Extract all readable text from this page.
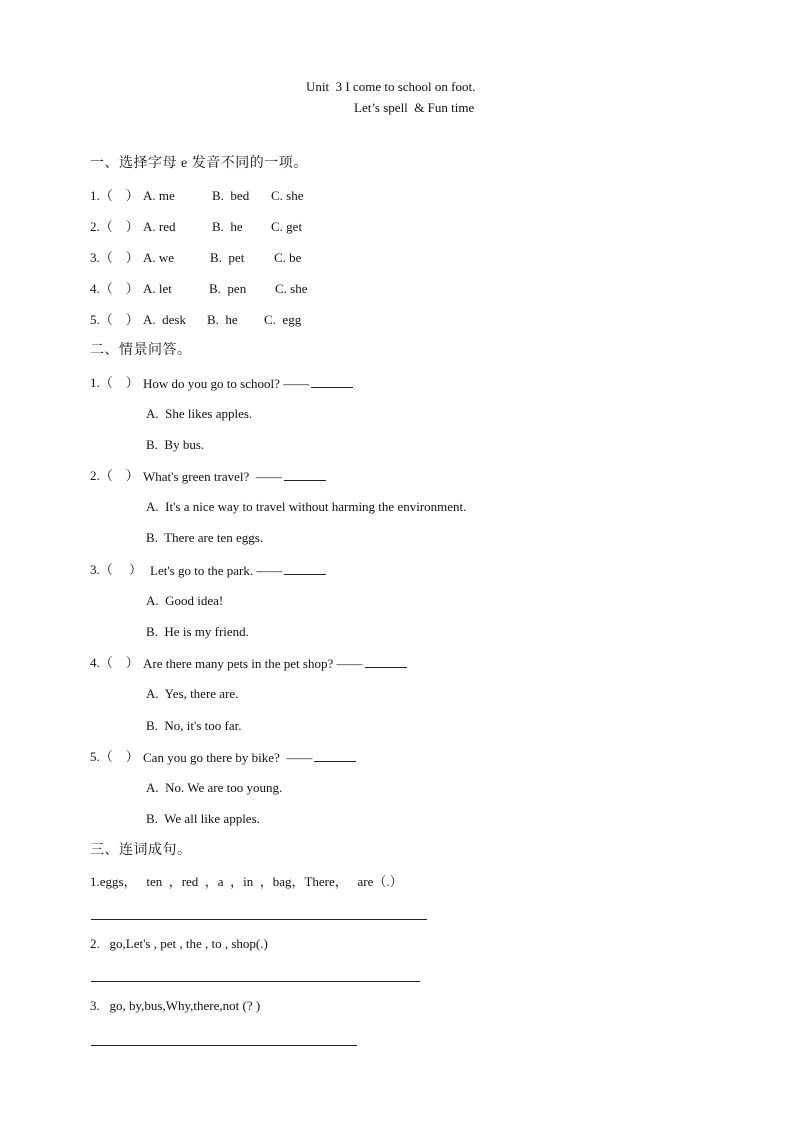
Unit  3 I come to school on foot.
Let’s spell  & Fun time
一、选择字母 e 发音不同的一项。
1.（    ） A. me	B.  bed C. she
2.（    ） A. red	B.  he C. get
3.（    ） A. we	B.  pet C. be
4.（    ） A. let	B.  pen C. she
5.（    ） A.  desk B.  he C.  egg
二、情景问答。
1.（    ） How do you go to school? ——
A.  She likes apples.
B.  By bus.
2.（    ） What's green travel?  ——
A.  It's a nice way to travel without harming the environment.
B.  There are ten eggs.
3.（     ） Let's go to the park. ——
A.  Good idea!
B.  He is my friend.
4.（    ） Are there many pets in the pet shop? ——
A.  Yes, there are.
B.  No, it's too far.
5.（    ） Can you go there by bike?  ——
A.  No. We are too young.
B.  We all like apples.
三、连词成句。
1.eggs，   ten  ，red  ，a  ，in  ，bag，There，   are（.）
2.   go,Let's , pet , the , to , shop(.)
3.   go, by,bus,Why,there,not (? )
